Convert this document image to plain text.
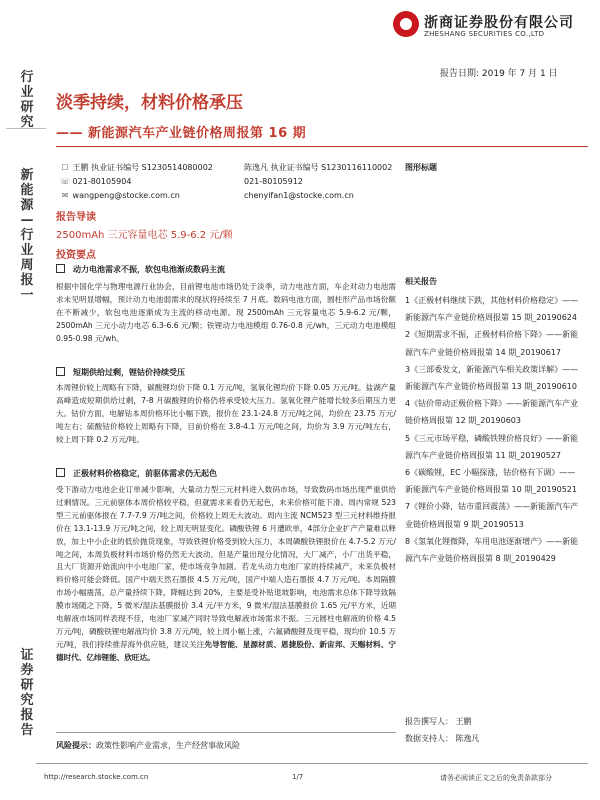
浙商证券股份有限公司
ZHESHANG SECURITIES CO.,LTD
报告日期: 2019 年 7 月 1 日
行业研究
新能源—行业周报一
证券研究报告
淡季持续，材料价格承压
—— 新能源汽车产业链价格周报第 16 期
☐ 王鹏 执业证书编号 S1230514080002
☏ 021-80105904
✉ wangpeng@stocke.com.cn
陈逸凡 执业证书编号 S1230116110002
021-80105912
chenyifan1@stocke.com.cn
图形标题
相关报告

1《正极材料继续下跌，其他材料价格稳定》——新能源汽车产业链价格周报第 15 期_20190624

2《短期需求不振，正极材料价格下降》——新能源汽车产业链价格周报第 14 期_20190617

3《三部委发文，新能源汽车相关政策详解》——新能源汽车产业链价格周报第 13 期_20190610

4《钴价带动正极价格下降》——新能源汽车产业链价格周报第 12 期_20190603

5《三元市场平稳，磷酸铁锂价格良好》——新能源汽车产业链价格周报第 11 期_20190527

6《碳酸锂，EC 小幅探涨，钴价格有下调》——新能源汽车产业链价格周报第 10 期_20190521

7《锂价小降，钴市重回震荡》——新能源汽车产业链价格周报第 9 期_20190513

8《氢氧化锂微降，车用电池逐渐增产》——新能源汽车产业链价格周报第 8 期_20190429

报告撰写人： 王鹏
数据支持人： 陈逸凡
报告导读
2500mAh 三元容量电芯 5.9-6.2 元/颗
投资要点
动力电池需求不振，软包电池渐成数码主流

根据中国化学与物理电源行业协会，目前锂电池市场仍处于淡季，动力电池方面，车企对动力电池需求未见明显增幅，预计动力电池弱需求的现状将持续至 7 月底。数码电池方面，圆柱形产品市场份额在不断减少，软包电池逐渐成为主流的移动电源。现 2500mAh 三元容量电芯 5.9-6.2 元/颗，2500mAh 三元小动力电芯 6.3-6.6 元/颗；铁锂动力电池模组 0.76-0.8 元/wh，三元动力电池模组 0.95-0.98 元/wh。

短期供给过剩，锂钴价持续受压

本周锂价较上周略有下降，碳酸锂均价下降 0.1 万元/吨，氢氧化锂均价下降 0.05 万元/吨。盐湖产量高峰造成短期供给过剩，7-8 月碳酸锂的价格仍将承受较大压力。氢氧化锂产能增长较多后期压力更大。钴价方面，电解钴本周价格环比小幅下跌，报价在 23.1-24.8 万元/吨之间，均价在 23.75 万元/吨左右；硫酸钴价格较上周略有下降，目前价格在 3.8-4.1 万元/吨之间，均价为 3.9 万元/吨左右，较上周下降 0.2 万元/吨。

正极材料价格稳定，前驱体需求仍无起色

受下游动力电池企业订单减少影响，大量动力型三元材料进入数码市场，导致数码市场出现严重供给过剩情况。三元前驱体本周价格较平稳，但就需求来看仍无起色，未来价格可能下滑。周内常规 523 型三元前驱体报在 7.7-7.9 万/吨之间，价格较上周无大波动。周内主流 NCM523 型三元材料维持报价在 13.1-13.9 万元/吨之间，较上周无明显变化。磷酸铁锂 6 月遭欧单，4部分企业扩产产量难以释放，加上中小企业的低价抛货现象，导致铁锂价格受到较大压力，本周磷酸铁锂报价在 4.7-5.2 万元/吨之间，本周负极材料市场价格仍然无大波动，但是产量出现分化情况，大厂减产，小厂出货平稳，且大厂货源开始流向中小电池厂家，使市场竞争加剧。若龙头动力电池厂家的持续减产，未来负极材料价格可能会降低。国产中端天然石墨报 4.5 万元/吨，国产中端人造石墨报 4.7 万元/吨。本周隔膜市场小幅震荡，总产量持续下降，降幅达到 20%，主要是受补贴退坡影响，电池需求总体下降导致隔膜市场随之下降。5 微米/湿法基膜报价 3.4 元/平方米，9 微米/湿法基膜报价 1.65 元/平方米，近期电解液市场同样表现不佳，电池厂家减产同时导致电解液市场需求不振。三元圆柱电解液的价格 4.5 万元/吨，磷酸铁锂电解液均价 3.8 万元/吨，较上周小幅上涨，六氟磷酸锂及现平稳，现均价 10.5 万元/吨，我们持续推荐海外供应链，建议关注先导智能、星源材质、恩捷股份、新宙邦、天赐材料、宁德时代、亿纬锂能、欣旺达。

风险提示：政策性影响产业需求，生产经营事故风险
http://research.stocke.com.cn	1/7	请务必阅读正文之后的免责条款部分
